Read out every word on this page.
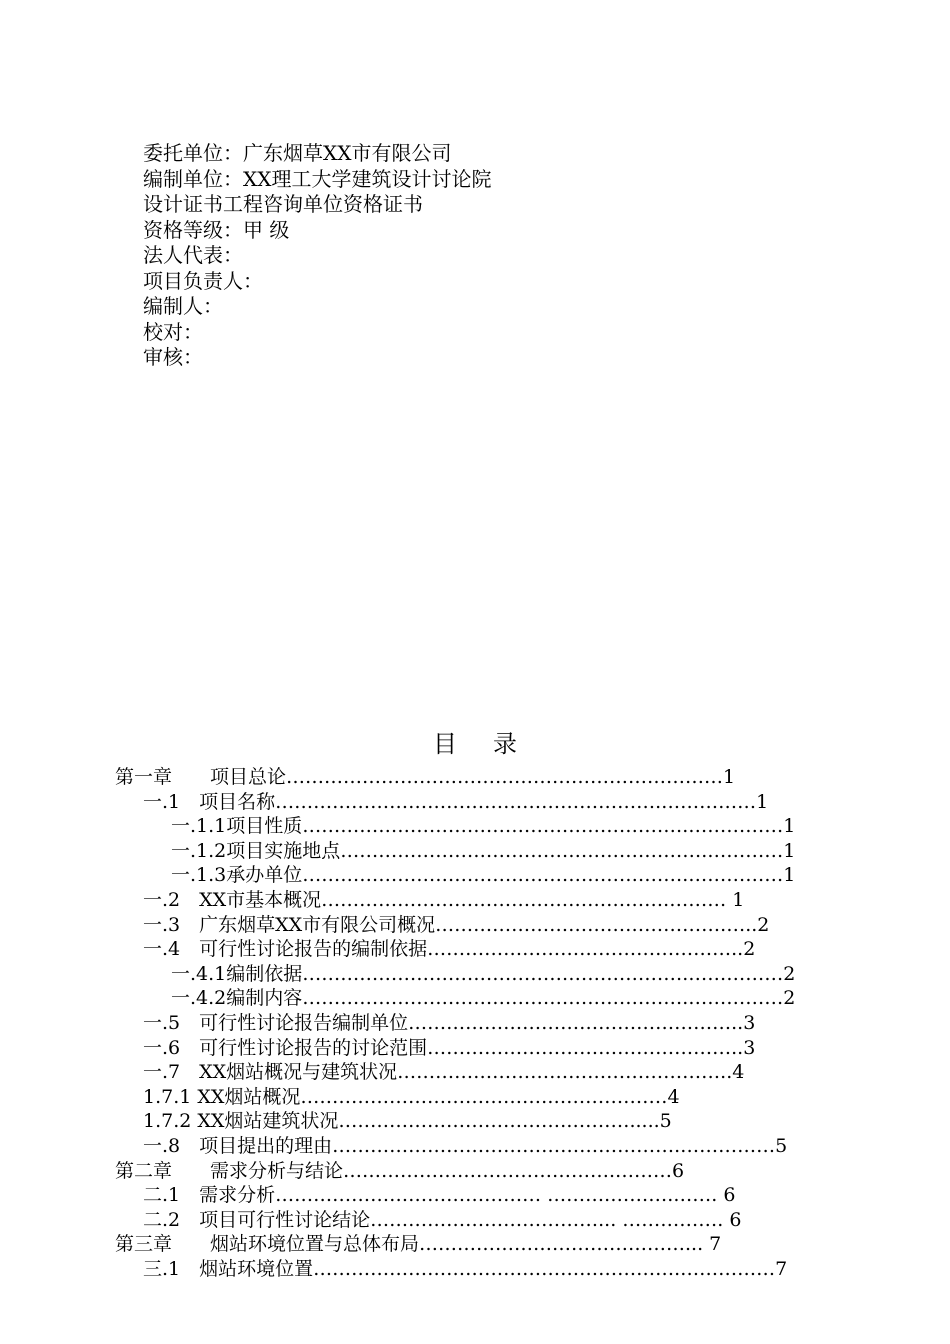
委托单位：广东烟草XX市有限公司
编制单位：XX理工大学建筑设计讨论院
设计证书工程咨询单位资格证书
资格等级：甲 级
法人代表：
项目负责人：
编制人：
校对：
审核：
目 录
第一章　　项目总论……………………………………………………………1
一.1　项目名称…………………………………………………….……………1
一.1.1项目性质…………………………………………………….……………1
一.1.2项目实施地点………………………………………………….…………1
一.1.3承办单位…………………………………………………….……………1
一.2　XX市基本概况……………………………………………….……… 1
一.3　广东烟草XX市有限公司概况……………………………………….…..2
一.4　可行性讨论报告的编制依据…………………………………………..2
一.4.1编制依据…………………………………………………….……………2
一.4.2编制内容…………………………………………………….……………2
一.5　可行性讨论报告编制单位……………………………………………..3
一.6　可行性讨论报告的讨论范围…………………………………………..3
一.7　XX烟站概况与建筑状况……………………………………………..4
1.7.1 XX烟站概况………………………………….………………4
1.7.2 XX烟站建筑状况……………………………….……….....5
一.8　项目提出的理由……………………………………………….……………5
第二章　　需求分析与结论…………………………………….………6
二.1　需求分析…………………………………… ……….……….……. 6
二.2　项目可行性讨论结论………………………………... ……………. 6
第三章　　烟站环境位置与总体布局……………………………………... 7
三.1　烟站环境位置………………………………………………….……………7
